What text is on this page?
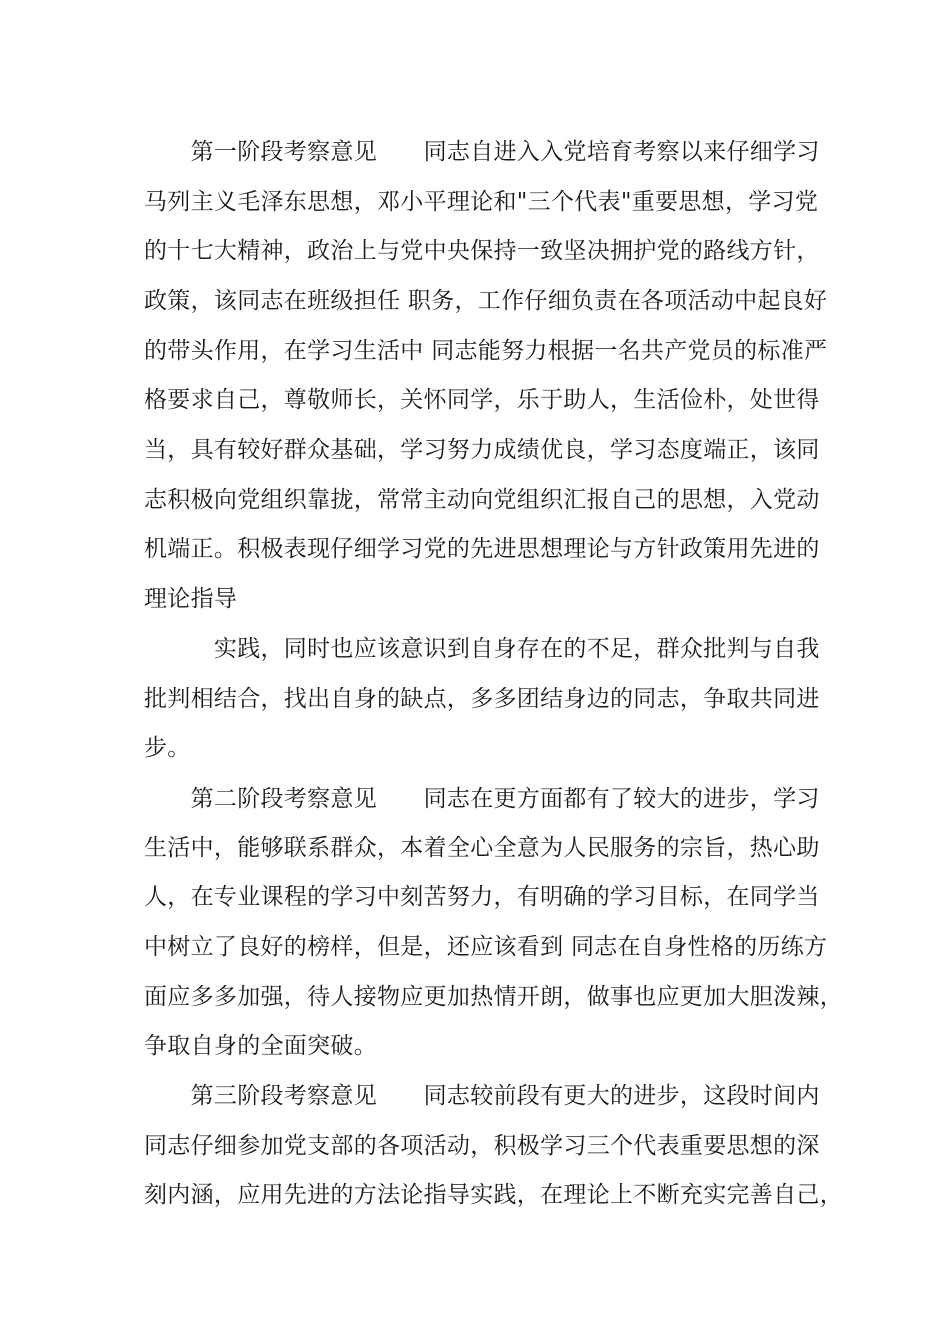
　　第一阶段考察意见　　同志自进入入党培育考察以来仔细学习

马列主义毛泽东思想，邓小平理论和"三个代表"重要思想，学习党

的十七大精神，政治上与党中央保持一致坚决拥护党的路线方针，

政策，该同志在班级担任 职务，工作仔细负责在各项活动中起良好

的带头作用，在学习生活中 同志能努力根据一名共产党员的标准严

格要求自己，尊敬师长，关怀同学，乐于助人，生活俭朴，处世得

当，具有较好群众基础，学习努力成绩优良，学习态度端正，该同

志积极向党组织靠拢，常常主动向党组织汇报自己的思想，入党动

机端正。积极表现仔细学习党的先进思想理论与方针政策用先进的

理论指导

　　　实践，同时也应该意识到自身存在的不足，群众批判与自我

批判相结合，找出自身的缺点，多多团结身边的同志，争取共同进

步。

　　第二阶段考察意见　　同志在更方面都有了较大的进步，学习

生活中，能够联系群众，本着全心全意为人民服务的宗旨，热心助

人，在专业课程的学习中刻苦努力，有明确的学习目标，在同学当

中树立了良好的榜样，但是，还应该看到 同志在自身性格的历练方

面应多多加强，待人接物应更加热情开朗，做事也应更加大胆泼辣，

争取自身的全面突破。

　　第三阶段考察意见　　同志较前段有更大的进步，这段时间内

同志仔细参加党支部的各项活动，积极学习三个代表重要思想的深

刻内涵，应用先进的方法论指导实践，在理论上不断充实完善自己，
